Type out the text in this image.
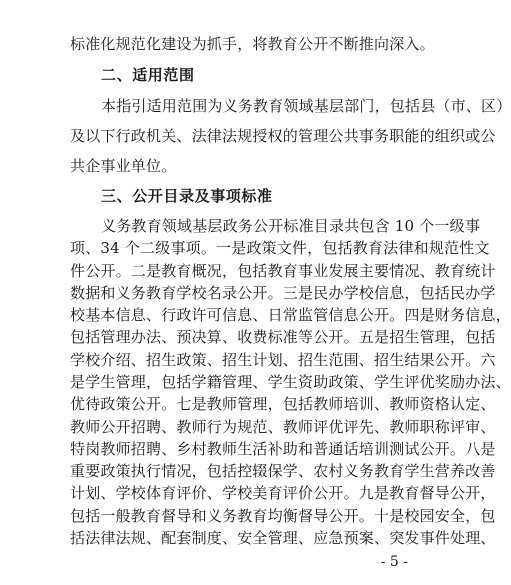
标准化规范化建设为抓手，将教育公开不断推向深入。
二、适用范围
本指引适用范围为义务教育领域基层部门，包括县（市、区）
及以下行政机关、法律法规授权的管理公共事务职能的组织或公
共企事业单位。
三、公开目录及事项标准
义务教育领域基层政务公开标准目录共包含 10 个一级事
项、34 个二级事项。一是政策文件，包括教育法律和规范性文
件公开。二是教育概况，包括教育事业发展主要情况、教育统计
数据和义务教育学校名录公开。三是民办学校信息，包括民办学
校基本信息、行政许可信息、日常监管信息公开。四是财务信息，
包括管理办法、预决算、收费标准等公开。五是招生管理，包括
学校介绍、招生政策、招生计划、招生范围、招生结果公开。六
是学生管理，包括学籍管理、学生资助政策、学生评优奖励办法、
优待政策公开。七是教师管理，包括教师培训、教师资格认定、
教师公开招聘、教师行为规范、教师评优评先、教师职称评审、
特岗教师招聘、乡村教师生活补助和普通话培训测试公开。八是
重要政策执行情况，包括控辍保学、农村义务教育学生营养改善
计划、学校体育评价、学校美育评价公开。九是教育督导公开，
包括一般教育督导和义务教育均衡督导公开。十是校园安全，包
括法律法规、配套制度、安全管理、应急预案、突发事件处理、
- 5 -
